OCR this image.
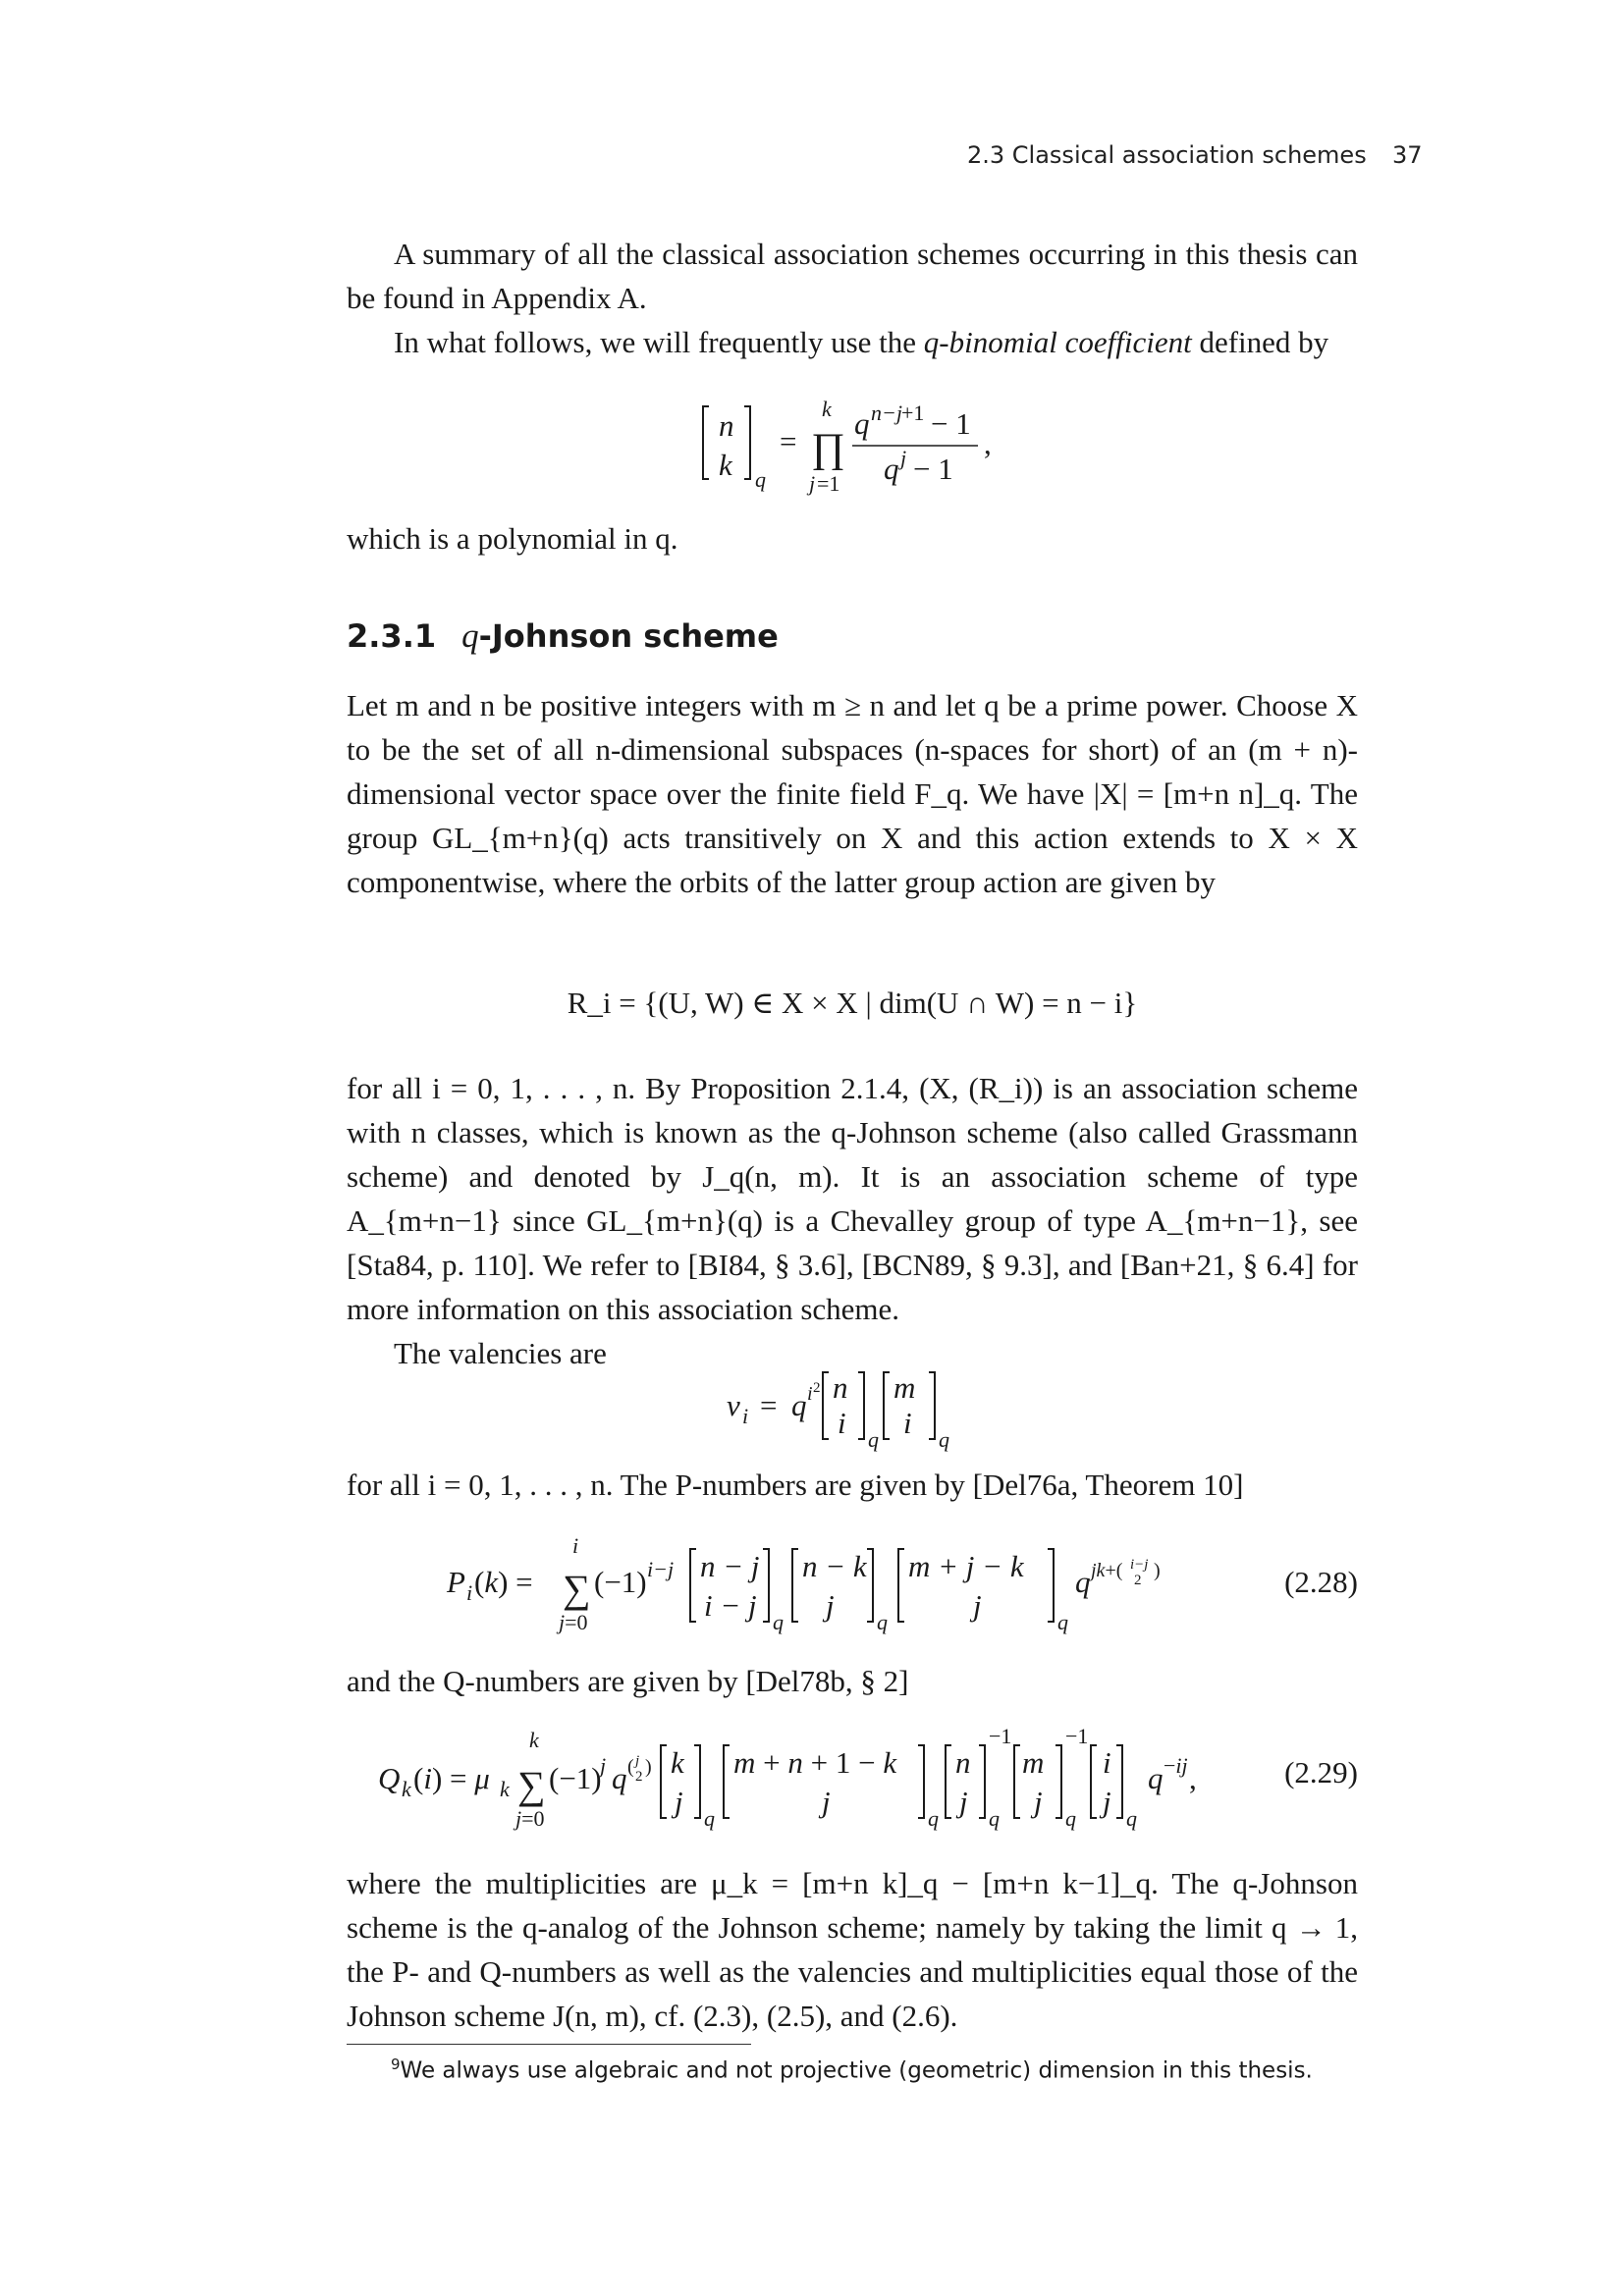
2.3 Classical association schemes 37

A summary of all the classical association schemes occurring in this thesis can be found in Appendix A.

In what follows, we will frequently use the q-binomial coefficient defined by

n
k q
= ∏
k
j =1
q n−j +1 − 1
q j − 1
,

which is a polynomial in q.

2.3.1 q-Johnson scheme

Let m and n be positive integers with m ≥ n and let q be a prime power. Choose X to be the set of all n-dimensional subspaces (n-spaces for short) of an (m + n)-dimensional vector space over the finite field F_q. We have |X| = [m+n n]_q. The group GL_{m+n}(q) acts transitively on X and this action extends to X × X componentwise, where the orbits of the latter group action are given by

R_i = {(U, W) ∈ X × X | dim(U ∩ W) = n − i}

for all i = 0, 1, . . . , n. By Proposition 2.1.4, (X, (R_i)) is an association scheme with n classes, which is known as the q-Johnson scheme (also called Grassmann scheme) and denoted by J_q(n, m). It is an association scheme of type A_{m+n−1} since GL_{m+n}(q) is a Chevalley group of type A_{m+n−1}, see [Sta84, p. 110]. We refer to [BI84, § 3.6], [BCN89, § 9.3], and [Ban+21, § 6.4] for more information on this association scheme.

The valencies are

v i = q i 2 n
i q
m
i q

for all i = 0, 1, . . . , n. The P-numbers are given by [Del76a, Theorem 10]

P i (k) = ∑
i
j=0
(−1) i−j n − j
i − j q
n − k
j q
m + j − k
j	q
q jk+( i−j
2 )	(2.28)

and the Q-numbers are given by [Del78b, § 2]

Q k (i) = μ k ∑
k
j=0
(−1)
j q ( j
2 ) k
j q
m + n + 1 − k
j	q
n
j
−1
q
m
j
−1
q
i
j q
q −ij ,	(2.29)

where the multiplicities are μ_k = [m+n k]_q − [m+n k−1]_q. The q-Johnson scheme is the q-analog of the Johnson scheme; namely by taking the limit q → 1, the P- and Q-numbers as well as the valencies and multiplicities equal those of the Johnson scheme J(n, m), cf. (2.3), (2.5), and (2.6).

$^9$We always use algebraic and not projective (geometric) dimension in this thesis.
